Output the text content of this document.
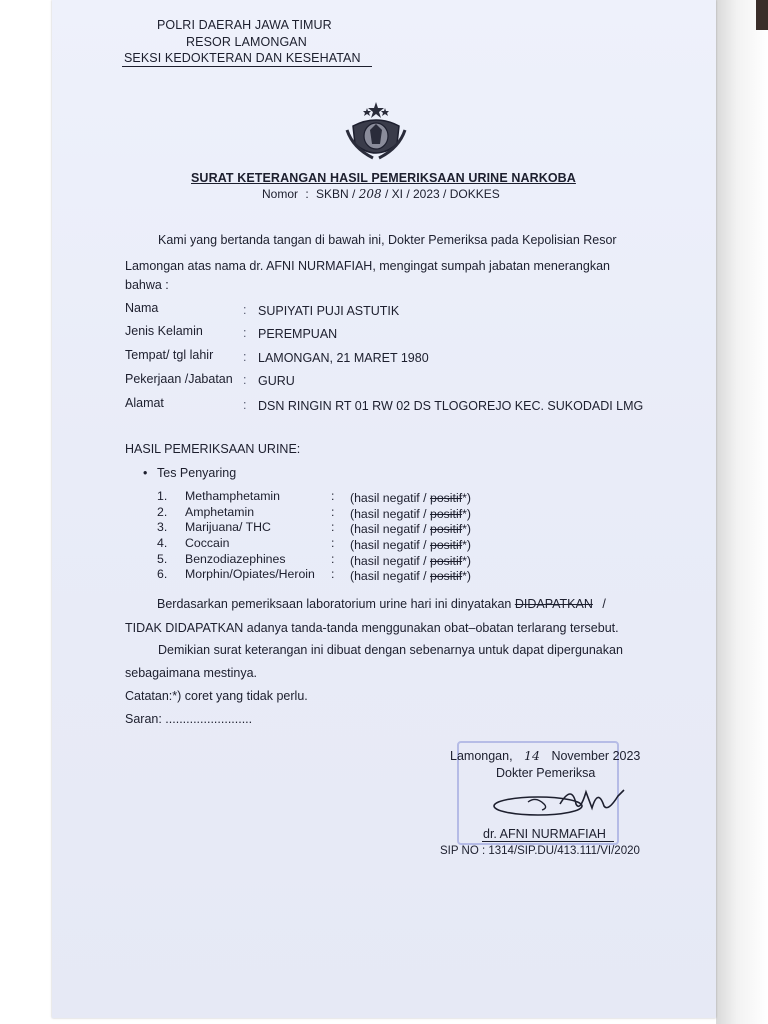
POLRI DAERAH JAWA TIMUR
RESOR LAMONGAN
SEKSI KEDOKTERAN DAN KESEHATAN
SURAT KETERANGAN HASIL PEMERIKSAAN URINE NARKOBA
Nomor : SKBN / 208 / XI / 2023 / DOKKES
Kami yang bertanda tangan di bawah ini, Dokter Pemeriksa pada Kepolisian Resor
Lamongan atas nama dr. AFNI NURMAFIAH, mengingat sumpah jabatan menerangkan
bahwa :
Nama	: SUPIYATI PUJI ASTUTIK
Jenis Kelamin	: PEREMPUAN
Tempat/ tgl lahir : LAMONGAN, 21 MARET 1980
Pekerjaan /Jabatan : GURU
Alamat	: DSN RINGIN RT 01 RW 02 DS TLOGOREJO KEC. SUKODADI LMG
HASIL PEMERIKSAAN URINE:
• Tes Penyaring
1. Methamphetamin	: (hasil negatif / positif*)
2. Amphetamin	: (hasil negatif / positif*)
3. Marijuana/ THC	: (hasil negatif / positif*)
4. Coccain	: (hasil negatif / positif*)
5. Benzodiazephines	: (hasil negatif / positif*)
6. Morphin/Opiates/Heroin : (hasil negatif / positif*)
Berdasarkan pemeriksaan laboratorium urine hari ini dinyatakan DIDAPATKAN /
TIDAK DIDAPATKAN adanya tanda-tanda menggunakan obat–obatan terlarang tersebut.
Demikian surat keterangan ini dibuat dengan sebenarnya untuk dapat dipergunakan
sebagaimana mestinya.
Catatan:*) coret yang tidak perlu.
Saran: .........................
Lamongan, 14 November 2023
Dokter Pemeriksa
dr. AFNI NURMAFIAH
SIP NO : 1314/SIP.DU/413.111/VI/2020
